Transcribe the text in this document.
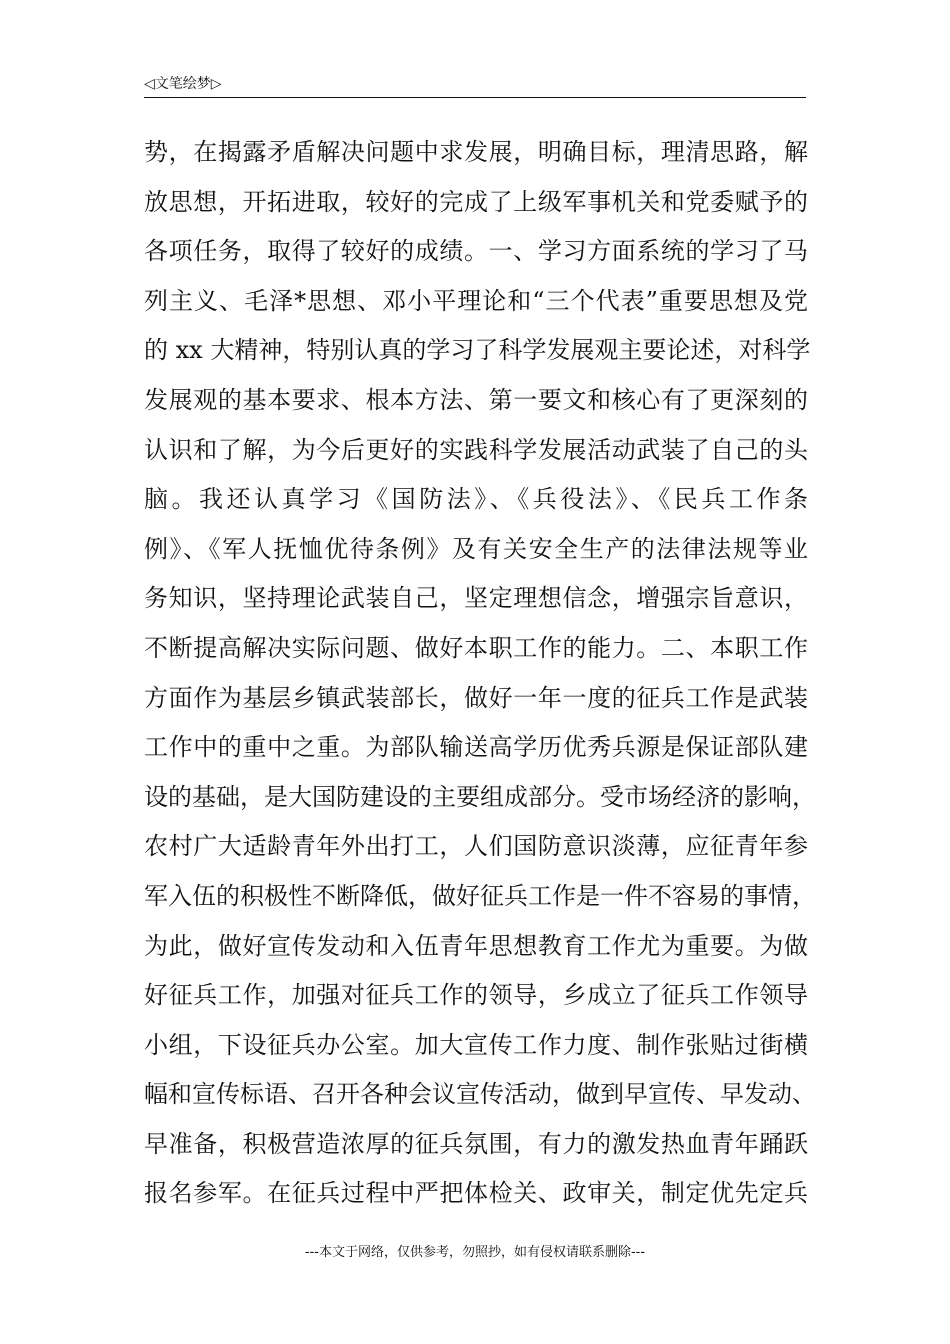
◁文笔绘梦▷
势，在揭露矛盾解决问题中求发展，明确目标，理清思路，解
放思想，开拓进取，较好的完成了上级军事机关和党委赋予的
各项任务，取得了较好的成绩。一、学习方面系统的学习了马
列主义、毛泽*思想、邓小平理论和“三个代表”重要思想及党
的 xx 大精神，特别认真的学习了科学发展观主要论述，对科学
发展观的基本要求、根本方法、第一要文和核心有了更深刻的
认识和了解，为今后更好的实践科学发展活动武装了自己的头
脑。我还认真学习《国防法》、《兵役法》、《民兵工作条
例》、《军人抚恤优待条例》及有关安全生产的法律法规等业
务知识，坚持理论武装自己，坚定理想信念，增强宗旨意识，
不断提高解决实际问题、做好本职工作的能力。二、本职工作
方面作为基层乡镇武装部长，做好一年一度的征兵工作是武装
工作中的重中之重。为部队输送高学历优秀兵源是保证部队建
设的基础，是大国防建设的主要组成部分。受市场经济的影响，
农村广大适龄青年外出打工，人们国防意识淡薄，应征青年参
军入伍的积极性不断降低，做好征兵工作是一件不容易的事情，
为此，做好宣传发动和入伍青年思想教育工作尤为重要。为做
好征兵工作，加强对征兵工作的领导，乡成立了征兵工作领导
小组，下设征兵办公室。加大宣传工作力度、制作张贴过街横
幅和宣传标语、召开各种会议宣传活动，做到早宣传、早发动、
早准备，积极营造浓厚的征兵氛围，有力的激发热血青年踊跃
报名参军。在征兵过程中严把体检关、政审关，制定优先定兵
---本文于网络，仅供参考，勿照抄，如有侵权请联系删除---
